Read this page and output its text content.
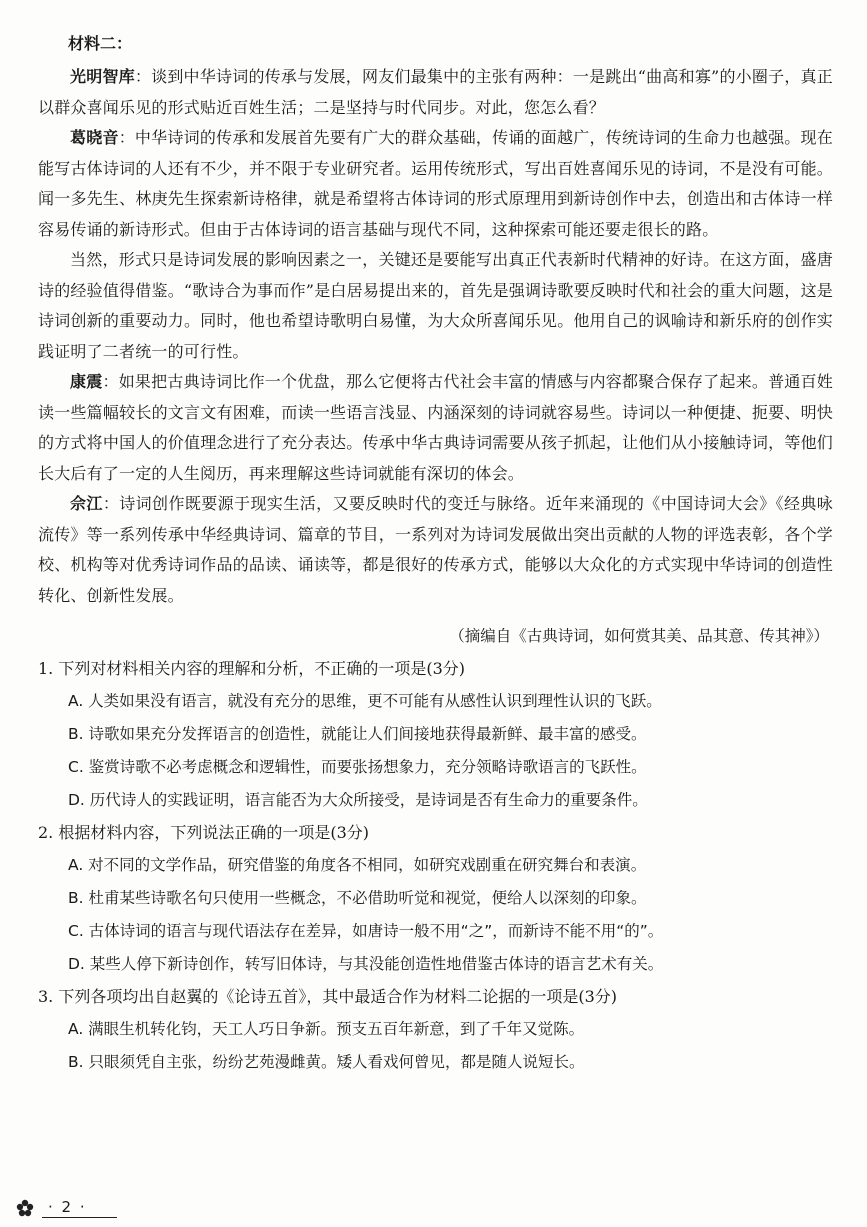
材料二：

光明智库：谈到中华诗词的传承与发展，网友们最集中的主张有两种：一是跳出“曲高和寡”的小圈子，真正以群众喜闻乐见的形式贴近百姓生活；二是坚持与时代同步。对此，您怎么看？

葛晓音：中华诗词的传承和发展首先要有广大的群众基础，传诵的面越广，传统诗词的生命力也越强。现在能写古体诗词的人还有不少，并不限于专业研究者。运用传统形式，写出百姓喜闻乐见的诗词，不是没有可能。闻一多先生、林庚先生探索新诗格律，就是希望将古体诗词的形式原理用到新诗创作中去，创造出和古体诗一样容易传诵的新诗形式。但由于古体诗词的语言基础与现代不同，这种探索可能还要走很长的路。

当然，形式只是诗词发展的影响因素之一，关键还是要能写出真正代表新时代精神的好诗。在这方面，盛唐诗的经验值得借鉴。“歌诗合为事而作”是白居易提出来的，首先是强调诗歌要反映时代和社会的重大问题，这是诗词创新的重要动力。同时，他也希望诗歌明白易懂，为大众所喜闻乐见。他用自己的讽喻诗和新乐府的创作实践证明了二者统一的可行性。

康震：如果把古典诗词比作一个优盘，那么它便将古代社会丰富的情感与内容都聚合保存了起来。普通百姓读一些篇幅较长的文言文有困难，而读一些语言浅显、内涵深刻的诗词就容易些。诗词以一种便捷、扼要、明快的方式将中国人的价值理念进行了充分表达。传承中华古典诗词需要从孩子抓起，让他们从小接触诗词，等他们长大后有了一定的人生阅历，再来理解这些诗词就能有深切的体会。

佘江：诗词创作既要源于现实生活，又要反映时代的变迁与脉络。近年来涌现的《中国诗词大会》《经典咏流传》等一系列传承中华经典诗词、篇章的节目，一系列对为诗词发展做出突出贡献的人物的评选表彰，各个学校、机构等对优秀诗词作品的品读、诵读等，都是很好的传承方式，能够以大众化的方式实现中华诗词的创造性转化、创新性发展。

（摘编自《古典诗词，如何赏其美、品其意、传其神》）

1. 下列对材料相关内容的理解和分析，不正确的一项是(3分)

A. 人类如果没有语言，就没有充分的思维，更不可能有从感性认识到理性认识的飞跃。

B. 诗歌如果充分发挥语言的创造性，就能让人们间接地获得最新鲜、最丰富的感受。

C. 鉴赏诗歌不必考虑概念和逻辑性，而要张扬想象力，充分领略诗歌语言的飞跃性。

D. 历代诗人的实践证明，语言能否为大众所接受，是诗词是否有生命力的重要条件。

2. 根据材料内容，下列说法正确的一项是(3分)

A. 对不同的文学作品，研究借鉴的角度各不相同，如研究戏剧重在研究舞台和表演。

B. 杜甫某些诗歌名句只使用一些概念，不必借助听觉和视觉，便给人以深刻的印象。

C. 古体诗词的语言与现代语法存在差异，如唐诗一般不用“之”，而新诗不能不用“的”。

D. 某些人停下新诗创作，转写旧体诗，与其没能创造性地借鉴古体诗的语言艺术有关。

3. 下列各项均出自赵翼的《论诗五首》，其中最适合作为材料二论据的一项是(3分)

A. 满眼生机转化钧，天工人巧日争新。预支五百年新意，到了千年又觉陈。

B. 只眼须凭自主张，纷纷艺苑漫雌黄。矮人看戏何曾见，都是随人说短长。

· 2 ·
